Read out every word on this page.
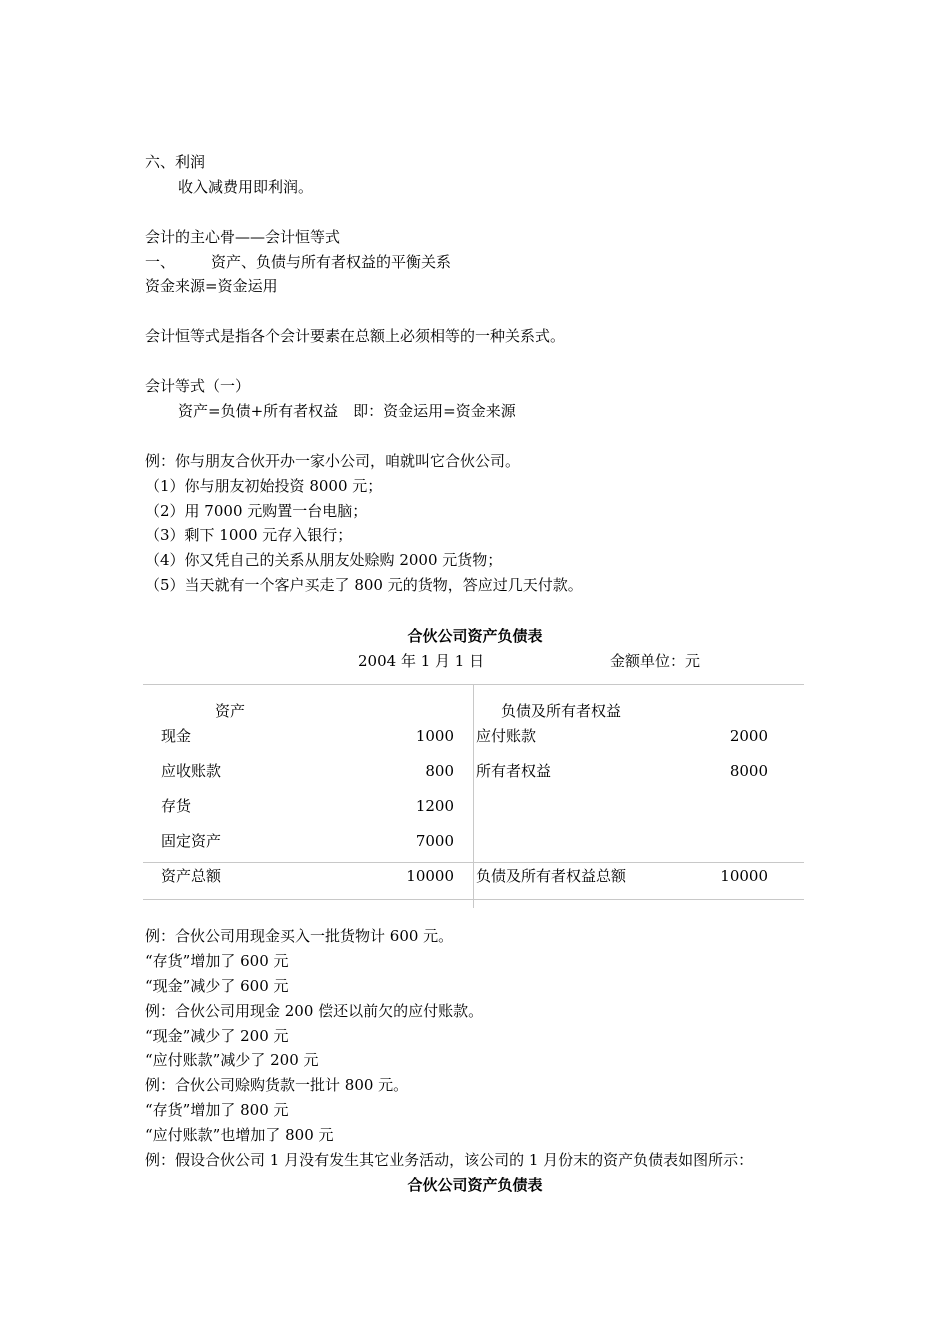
六、利润
收入减费用即利润。
会计的主心骨——会计恒等式
一、 资产、负债与所有者权益的平衡关系
资金来源=资金运用
会计恒等式是指各个会计要素在总额上必须相等的一种关系式。
会计等式（一）
资产=负债+所有者权益　即：资金运用=资金来源
例：你与朋友合伙开办一家小公司，咱就叫它合伙公司。
（1）你与朋友初始投资 8000 元；
（2）用 7000 元购置一台电脑；
（3）剩下 1000 元存入银行；
（4）你又凭自己的关系从朋友处赊购 2000 元货物；
（5）当天就有一个客户买走了 800 元的货物，答应过几天付款。
合伙公司资产负债表
2004 年 1 月 1 日	金额单位：元
资产	负债及所有者权益
现金	1000 应付账款	2000
应收账款	800 所有者权益	8000
存货	1200
固定资产	7000
资产总额	10000 负债及所有者权益总额	10000
例：合伙公司用现金买入一批货物计 600 元。
“存货”增加了 600 元
“现金”减少了 600 元
例：合伙公司用现金 200 偿还以前欠的应付账款。
“现金”减少了 200 元
“应付账款”减少了 200 元
例：合伙公司赊购货款一批计 800 元。
“存货”增加了 800 元
“应付账款”也增加了 800 元
例：假设合伙公司 1 月没有发生其它业务活动，该公司的 1 月份末的资产负债表如图所示：
合伙公司资产负债表
